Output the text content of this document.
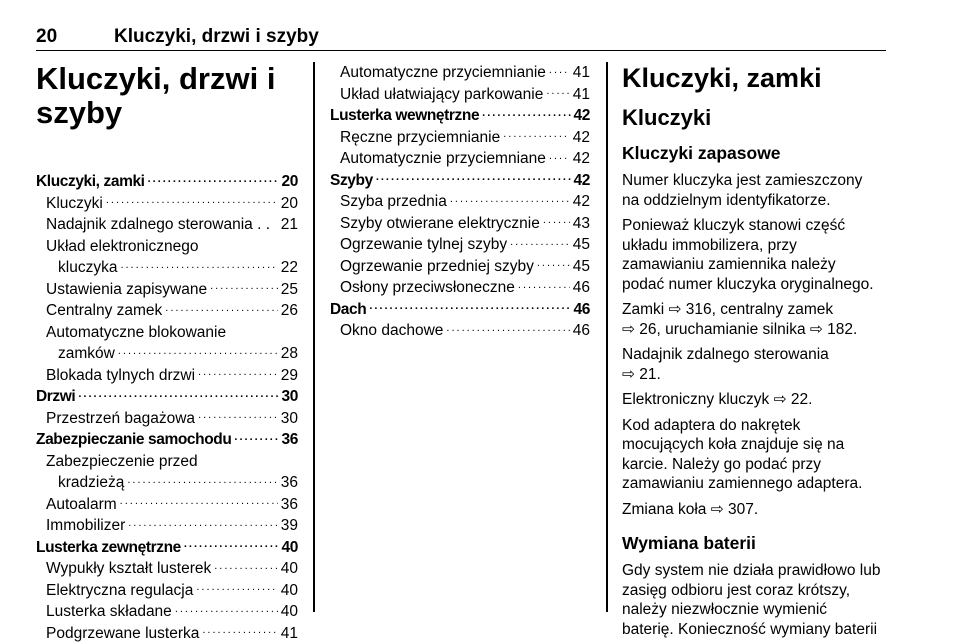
20	Kluczyki, drzwi i szyby
Kluczyki, drzwi i
szyby
Kluczyki, zamki .....	20
Kluczyki .....	20
Nadajnik zdalnego sterowania . . 21
Układ elektronicznego
kluczyka .....	22
Ustawienia zapisywane .....	25
Centralny zamek .....	26
Automatyczne blokowanie
zamków .....	28
Blokada tylnych drzwi .....	29
Drzwi .....	30
Przestrzeń bagażowa .....	30
Zabezpieczanie samochodu .....	36
Zabezpieczenie przed
kradzieżą .....	36
Autoalarm .....	36
Immobilizer .....	39
Lusterka zewnętrzne .....	40
Wypukły kształt lusterek .....	40
Elektryczna regulacja .....	40
Lusterka składane .....	40
Podgrzewane lusterka .....	41
Automatyczne przyciemnianie ..... 41
Układ ułatwiający parkowanie ..... 41
Lusterka wewnętrzne .....	42
Ręczne przyciemnianie .....	42
Automatycznie przyciemniane ..... 42
Szyby .....	42
Szyba przednia .....	42
Szyby otwierane elektrycznie ..... 43
Ogrzewanie tylnej szyby .....	45
Ogrzewanie przedniej szyby .....	45
Osłony przeciwsłoneczne .....	46
Dach .....	46
Okno dachowe .....	46
Kluczyki, zamki
Kluczyki
Kluczyki zapasowe

Numer kluczyka jest zamieszczony
na oddzielnym identyfikatorze.

Ponieważ kluczyk stanowi część
układu immobilizera, przy
zamawianiu zamiennika należy
podać numer kluczyka oryginalnego.

Zamki ⇨ 316, centralny zamek
⇨ 26, uruchamianie silnika ⇨ 182.

Nadajnik zdalnego sterowania
⇨ 21.

Elektroniczny kluczyk ⇨ 22.

Kod adaptera do nakrętek
mocujących koła znajduje się na
karcie. Należy go podać przy
zamawianiu zamiennego adaptera.

Zmiana koła ⇨ 307.

Wymiana baterii

Gdy system nie działa prawidłowo lub
zasięg odbioru jest coraz krótszy,
należy niezwłocznie wymienić
baterię. Konieczność wymiany baterii
